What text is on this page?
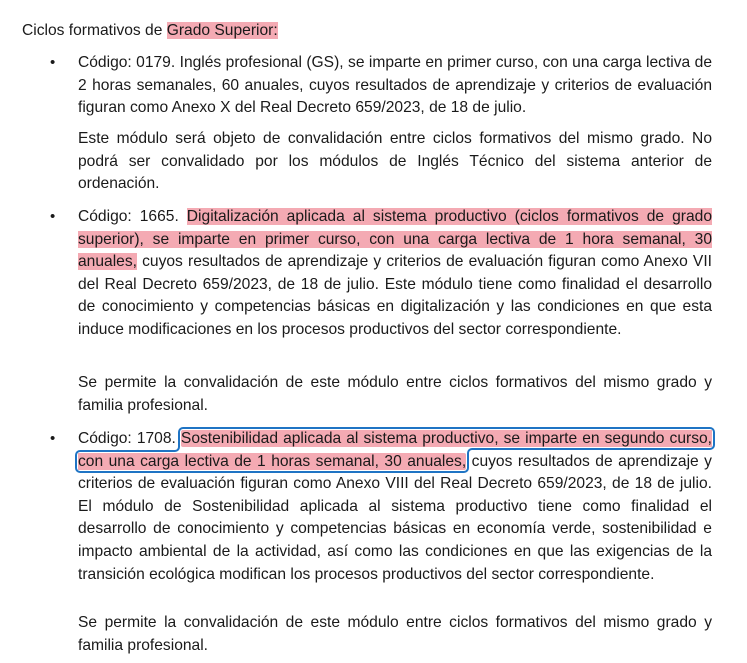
Ciclos formativos de Grado Superior:
• Código: 0179. Inglés profesional (GS), se imparte en primer curso, con una carga lectiva de 2 horas semanales, 60 anuales, cuyos resultados de aprendizaje y criterios de evaluación figuran como Anexo X del Real Decreto 659/2023, de 18 de julio.
Este módulo será objeto de convalidación entre ciclos formativos del mismo grado. No podrá ser convalidado por los módulos de Inglés Técnico del sistema anterior de ordenación.
• Código: 1665. Digitalización aplicada al sistema productivo (ciclos formativos de grado superior), se imparte en primer curso, con una carga lectiva de 1 hora semanal, 30 anuales, cuyos resultados de aprendizaje y criterios de evaluación figuran como Anexo VII del Real Decreto 659/2023, de 18 de julio. Este módulo tiene como finalidad el desarrollo de conocimiento y competencias básicas en digitalización y las condiciones en que esta induce modificaciones en los procesos productivos del sector correspondiente.
Se permite la convalidación de este módulo entre ciclos formativos del mismo grado y familia profesional.
• Código: 1708. Sostenibilidad aplicada al sistema productivo, se imparte en segundo curso, con una carga lectiva de 1 horas semanal, 30 anuales, cuyos resultados de aprendizaje y criterios de evaluación figuran como Anexo VIII del Real Decreto 659/2023, de 18 de julio. El módulo de Sostenibilidad aplicada al sistema productivo tiene como finalidad el desarrollo de conocimiento y competencias básicas en economía verde, sostenibilidad e impacto ambiental de la actividad, así como las condiciones en que las exigencias de la transición ecológica modifican los procesos productivos del sector correspondiente.
Se permite la convalidación de este módulo entre ciclos formativos del mismo grado y familia profesional.
